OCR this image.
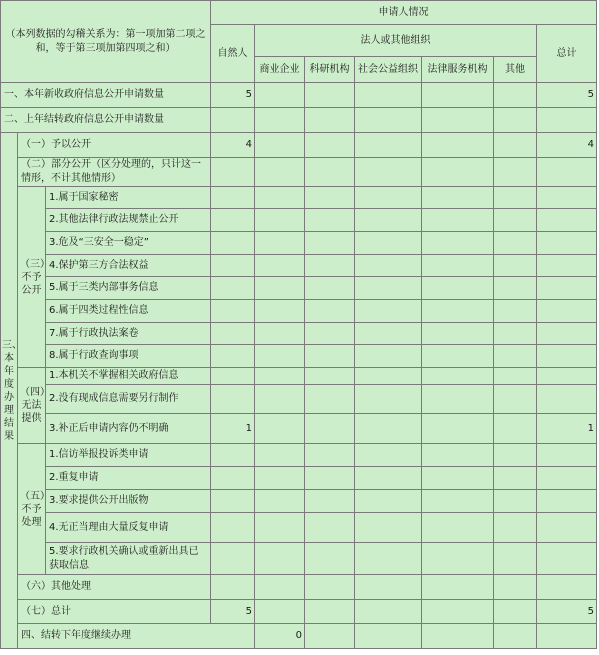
（本列数据的勾稽关系为：第一项加第二项之和，等于第三项加第四项之和）			申请人情况							
			自然人	法人或其他组织					总计	
				商业企业	科研机构	社会公益组织	法律服务机构	其他		
一、本年新收政府信息公开申请数量			5						5	
二、上年结转政府信息公开申请数量										
三、本年度办理结果	（一）予以公开		4						4	
	（二）部分公开（区分处理的，只计这一情形，不计其他情形）									
	（三）不予公开	1.属于国家秘密								
		2.其他法律行政法规禁止公开								
		3.危及“三安全一稳定”								
		4.保护第三方合法权益								
		5.属于三类内部事务信息								
		6.属于四类过程性信息								
		7.属于行政执法案卷								
		8.属于行政查询事项								
	（四）无法提供	1.本机关不掌握相关政府信息								
		2.没有现成信息需要另行制作								
		3.补正后申请内容仍不明确	1						1	
	（五）不予处理	1.信访举报投诉类申请								
		2.重复申请								
		3.要求提供公开出版物								
		4.无正当理由大量反复申请								
		5.要求行政机关确认或重新出具已获取信息								
	（六）其他处理									
	（七）总计		5						5	
	四、结转下年度继续办理			0						
